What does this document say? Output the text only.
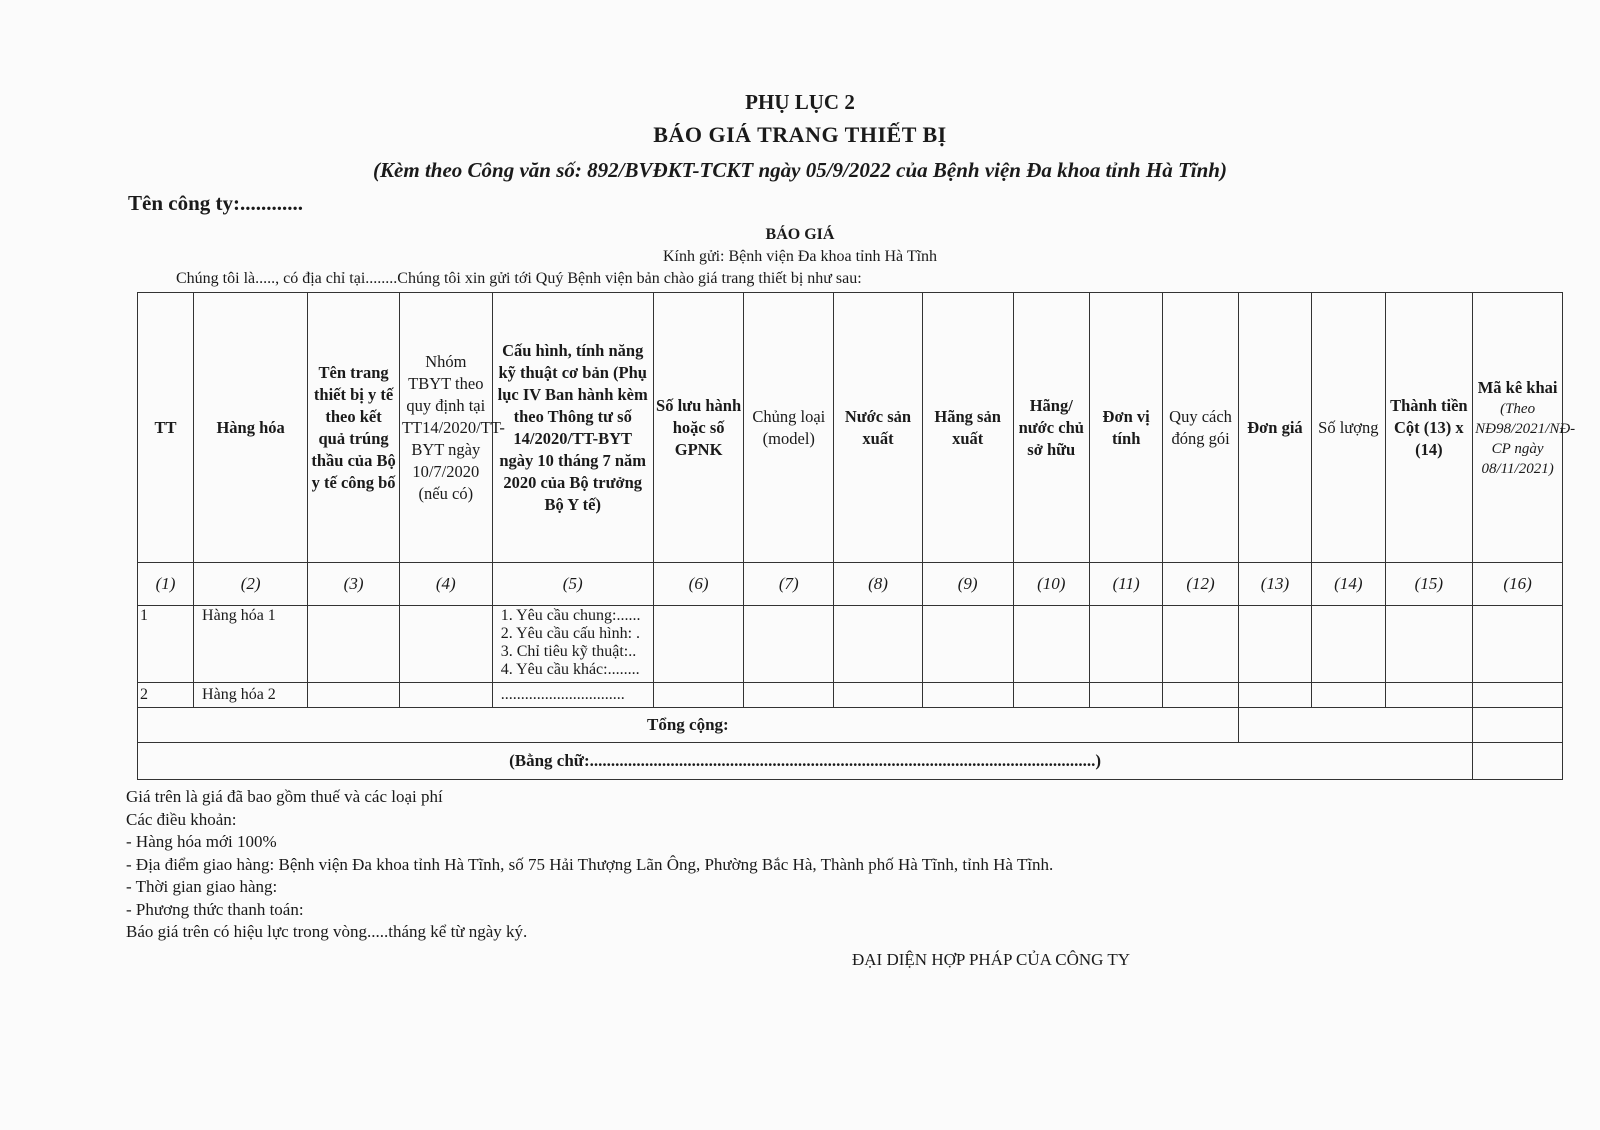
PHỤ LỤC 2
BÁO GIÁ TRANG THIẾT BỊ
(Kèm theo Công văn số: 892/BVĐKT-TCKT ngày 05/9/2022 của Bệnh viện Đa khoa tỉnh Hà Tĩnh)
Tên công ty:............
BÁO GIÁ
Kính gửi: Bệnh viện Đa khoa tỉnh Hà Tĩnh
Chúng tôi là....., có địa chỉ tại........Chúng tôi xin gửi tới Quý Bệnh viện bản chào giá trang thiết bị như sau:
TT	Hàng hóa	Tên trang thiết bị y tế theo kết quả trúng thầu của Bộ y tế công bố	Nhóm TBYT theo quy định tại TT14/2020/TT-BYT ngày 10/7/2020 (nếu có)	Cấu hình, tính năng kỹ thuật cơ bản (Phụ lục IV Ban hành kèm theo Thông tư số 14/2020/TT-BYT ngày 10 tháng 7 năm 2020 của Bộ trưởng Bộ Y tế)	Số lưu hành hoặc số GPNK	Chủng loại (model)	Nước sản xuất	Hãng sản xuất	Hãng/ nước chủ sở hữu	Đơn vị tính	Quy cách đóng gói	Đơn giá	Số lượng	Thành tiền Cột (13) x (14)	Mã kê khai
(Theo NĐ98/2021/NĐ-CP ngày 08/11/2021)

(1)	(2)	(3)	(4)	(5)	(6)	(7)	(8)	(9)	(10)	(11)	(12)	(13)	(14)	(15)	(16)
1	Hàng hóa 1			1. Yêu cầu chung:......
2. Yêu cầu cấu hình: .
3. Chỉ tiêu kỹ thuật:..
4. Yêu cầu khác:........											

2	Hàng hóa 2			...............................											
Tổng cộng:															
(Bằng chữ:.......................................................................................................................)															
Giá trên là giá đã bao gồm thuế và các loại phí
Các điều khoản:
- Hàng hóa mới 100%
- Địa điểm giao hàng: Bệnh viện Đa khoa tỉnh Hà Tĩnh, số 75 Hải Thượng Lãn Ông, Phường Bắc Hà, Thành phố Hà Tĩnh, tỉnh Hà Tĩnh.
- Thời gian giao hàng:
- Phương thức thanh toán:
Báo giá trên có hiệu lực trong vòng.....tháng kể từ ngày ký.
ĐẠI DIỆN HỢP PHÁP CỦA CÔNG TY
